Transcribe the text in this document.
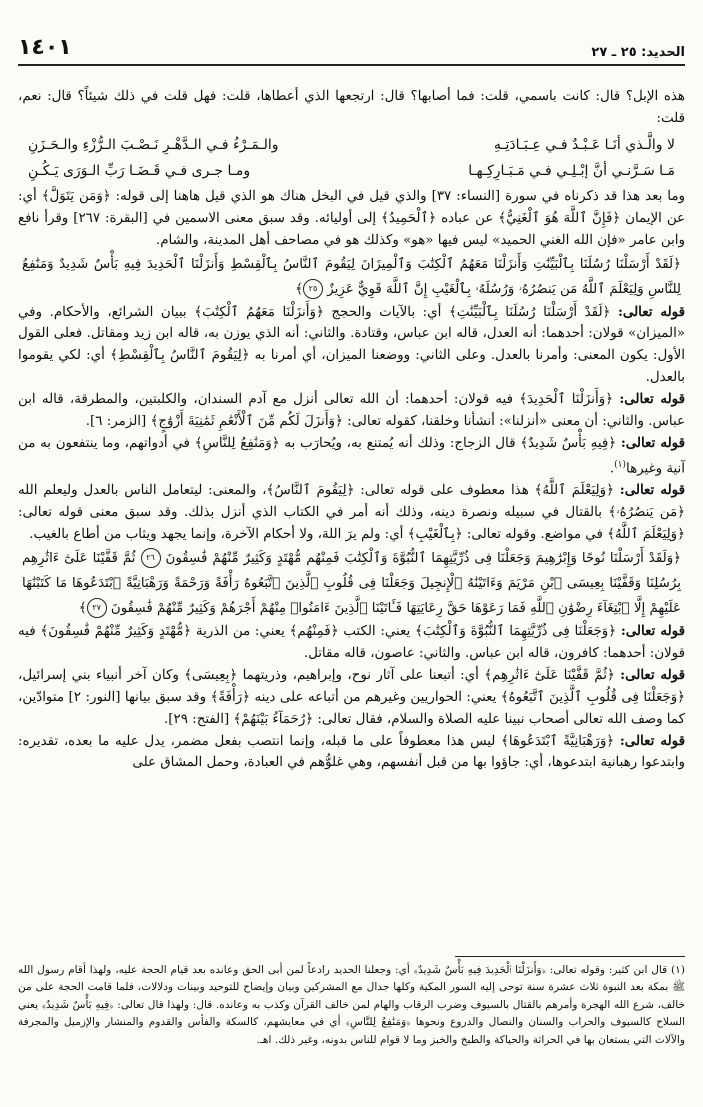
الحديد: ٢٥ ـ ٢٧
١٤٠١

هذه الإبل؟ قال: كانت باسمي، قلت: فما أصابها؟ قال: ارتجعها الذي أعطاها، قلت: فهل قلت في ذلك شيئاً؟ قال: نعم، قلت:

لا والَّـذي أنَـا عَـبْـدٌ فـي عِـبَـادَتِـهِ
والـمَـرْءُ فـي الـدَّهْـرِ نَـصْـبَ الـرُّزْءِ والـحَـزَنِ
مَـا سَـرَّنـي أنَّ إبْـلِـي فـي مَـبَـارِكِـهـا
ومـا جـرى فـي قَـضَـا رَبِّ الـوَرَى يَـكُـنِ

وما بعد هذا قد ذكرناه في سورة [النساء: ٣٧] والذي قيل في البخل هناك هو الذي قيل هاهنا إلى قوله: ﴿وَمَن يَتَوَلَّ﴾ أي: عن الإيمان ﴿فَإِنَّ ٱللَّهَ هُوَ ٱلْغَنِيُّ﴾ عن عباده ﴿ٱلْحَمِيدُ﴾ إلى أوليائه. وقد سبق معنى الاسمين في [البقرة: ٢٦٧] وقرأ نافع وابن عامر «فإن الله الغني الحميد» ليس فيها «هو» وكذلك هو في مصاحف أهل المدينة، والشام.

﴿لَقَدْ أَرْسَلْنَا رُسُلَنَا بِٱلْبَيِّنَٰتِ وَأَنزَلْنَا مَعَهُمُ ٱلْكِتَٰبَ وَٱلْمِيزَانَ لِيَقُومَ ٱلنَّاسُ بِٱلْقِسْطِ وَأَنزَلْنَا ٱلْحَدِيدَ فِيهِ بَأْسٌ شَدِيدٌ وَمَنَٰفِعُ لِلنَّاسِ وَلِيَعْلَمَ ٱللَّهُ مَن يَنصُرُهُۥ وَرُسُلَهُۥ بِٱلْغَيْبِ إِنَّ ٱللَّهَ قَوِيٌّ عَزِيزٌ ٢٥﴾

قوله تعالى: ﴿لَقَدْ أَرْسَلْنَا رُسُلَنَا بِٱلْبَيِّنَٰتِ﴾ أي: بالآيات والحجج ﴿وَأَنزَلْنَا مَعَهُمُ ٱلْكِتَٰبَ﴾ ببيان الشرائع، والأحكام. وفي «الميزان» قولان: أحدهما: أنه العدل، قاله ابن عباس، وقتادة. والثاني: أنه الذي يوزن به، قاله ابن زيد ومقاتل. فعلى القول الأول: يكون المعنى: وأمرنا بالعدل. وعلى الثاني: ووضعنا الميزان، أي أمرنا به ﴿لِيَقُومَ ٱلنَّاسُ بِٱلْقِسْطِ﴾ أي: لكي يقوموا بالعدل.

قوله تعالى: ﴿وَأَنزَلْنَا ٱلْحَدِيدَ﴾ فيه قولان: أحدهما: أن الله تعالى أنزل مع آدم السندان، والكلبتين، والمطرقة، قاله ابن عباس. والثاني: أن معنى «أنزلنا»: أنشأنا وخلقنا، كقوله تعالى: ﴿وَأَنزَلَ لَكُم مِّنَ ٱلْأَنْعَٰمِ ثَمَٰنِيَةَ أَزْوَٰجٍ﴾ [الزمر: ٦].

قوله تعالى: ﴿فِيهِ بَأْسٌ شَدِيدٌ﴾ قال الزجاج: وذلك أنه يُمتنع به، ويُحارَب به ﴿وَمَنَٰفِعُ لِلنَّاسِ﴾ في أدواتهم، وما ينتفعون به من آنية وغيرها$^{(١)}$.

قوله تعالى: ﴿وَلِيَعْلَمَ ٱللَّهُ﴾ هذا معطوف على قوله تعالى: ﴿لِيَقُومَ ٱلنَّاسُ﴾، والمعنى: ليتعامل الناس بالعدل وليعلم الله ﴿مَن يَنصُرُهُۥ﴾ بالقتال في سبيله ونصرة دينه، وذلك أنه أمر في الكتاب الذي أنزل بذلك. وقد سبق معنى قوله تعالى: ﴿وَلِيَعْلَمَ ٱللَّهُ﴾ في مواضع. وقوله تعالى: ﴿بِٱلْغَيْبِ﴾ أي: ولم يرَ اللهَ، ولا أحكام الآخرة، وإنما يجهد ويثاب من أطاع بالغيب.

﴿وَلَقَدْ أَرْسَلْنَا نُوحًا وَإِبْرَٰهِيمَ وَجَعَلْنَا فِى ذُرِّيَّتِهِمَا ٱلنُّبُوَّةَ وَٱلْكِتَٰبَ فَمِنْهُم مُّهْتَدٍ وَكَثِيرٌ مِّنْهُمْ فَٰسِقُونَ ٢٦ ثُمَّ قَفَّيْنَا عَلَىٰٓ ءَاثَٰرِهِم بِرُسُلِنَا وَقَفَّيْنَا بِعِيسَى ٱبْنِ مَرْيَمَ وَءَاتَيْنَٰهُ ٱلْإِنجِيلَ وَجَعَلْنَا فِى قُلُوبِ ٱلَّذِينَ ٱتَّبَعُوهُ رَأْفَةً وَرَحْمَةً وَرَهْبَانِيَّةً ٱبْتَدَعُوهَا مَا كَتَبْنَٰهَا عَلَيْهِمْ إِلَّا ٱبْتِغَآءَ رِضْوَٰنِ ٱللَّهِ فَمَا رَعَوْهَا حَقَّ رِعَايَتِهَا فَـَٔاتَيْنَا ٱلَّذِينَ ءَامَنُوا۟ مِنْهُمْ أَجْرَهُمْ وَكَثِيرٌ مِّنْهُمْ فَٰسِقُونَ ٢٧﴾

قوله تعالى: ﴿وَجَعَلْنَا فِى ذُرِّيَّتِهِمَا ٱلنُّبُوَّةَ وَٱلْكِتَٰبَ﴾ يعني: الكتب ﴿فَمِنْهُم﴾ يعني: من الذرية ﴿مُّهْتَدٍ وَكَثِيرٌ مِّنْهُمْ فَٰسِقُونَ﴾ فيه قولان: أحدهما: كافرون، قاله ابن عباس. والثاني: عاصون، قاله مقاتل.

قوله تعالى: ﴿ثُمَّ قَفَّيْنَا عَلَىٰٓ ءَاثَٰرِهِم﴾ أي: أتبعنا على آثار نوح، وإبراهيم، وذريتهما ﴿بِعِيسَى﴾ وكان آخر أنبياء بني إسرائيل، ﴿وَجَعَلْنَا فِى قُلُوبِ ٱلَّذِينَ ٱتَّبَعُوهُ﴾ يعني: الحواريين وغيرهم من أتباعه على دينه ﴿رَأْفَةً﴾ وقد سبق بيانها [النور: ٢] متوادّين، كما وصف الله تعالى أصحاب نبينا عليه الصلاة والسلام، فقال تعالى: ﴿رُحَمَآءُ بَيْنَهُمْ﴾ [الفتح: ٢٩].

قوله تعالى: ﴿وَرَهْبَانِيَّةً ٱبْتَدَعُوهَا﴾ ليس هذا معطوفاً على ما قبله، وإنما انتصب بفعل مضمر، يدل عليه ما بعده، تقديره: وابتدعوا رهبانية ابتدعوها، أي: جاؤوا بها من قبل أنفسهم، وهي غلوُّهم في العبادة، وحمل المشاق على

(١) قال ابن كثير: وقوله تعالى: ﴿وَأَنزَلْنَا ٱلْحَدِيدَ فِيهِ بَأْسٌ شَدِيدٌ﴾ أي: وجعلنا الحديد رادعاً لمن أبى الحق وعانده بعد قيام الحجة عليه، ولهذا أقام رسول الله ﷺ بمكة بعد النبوة ثلاث عشرة سنة توحى إليه السور المكية وكلها جدال مع المشركين وبيان وإيضاح للتوحيد وبينات ودلالات، فلما قامت الحجة على من خالف، شرع الله الهجرة وأمرهم بالقتال بالسيوف وضرب الرقاب والهام لمن خالف القرآن وكذب به وعانده. قال: ولهذا قال تعالى: ﴿فِيهِ بَأْسٌ شَدِيدٌ﴾ يعني السلاح كالسيوف والحراب والسنان والنصال والدروع ونحوها ﴿وَمَنَٰفِعُ لِلنَّاسِ﴾ أي في معايشهم، كالسكة والفأس والقدوم والمنشار والإزميل والمجرفة والآلات التي يستعان بها في الحراثة والحياكة والطبخ والخبز وما لا قوام للناس بدونه، وغير ذلك. اهـ.
